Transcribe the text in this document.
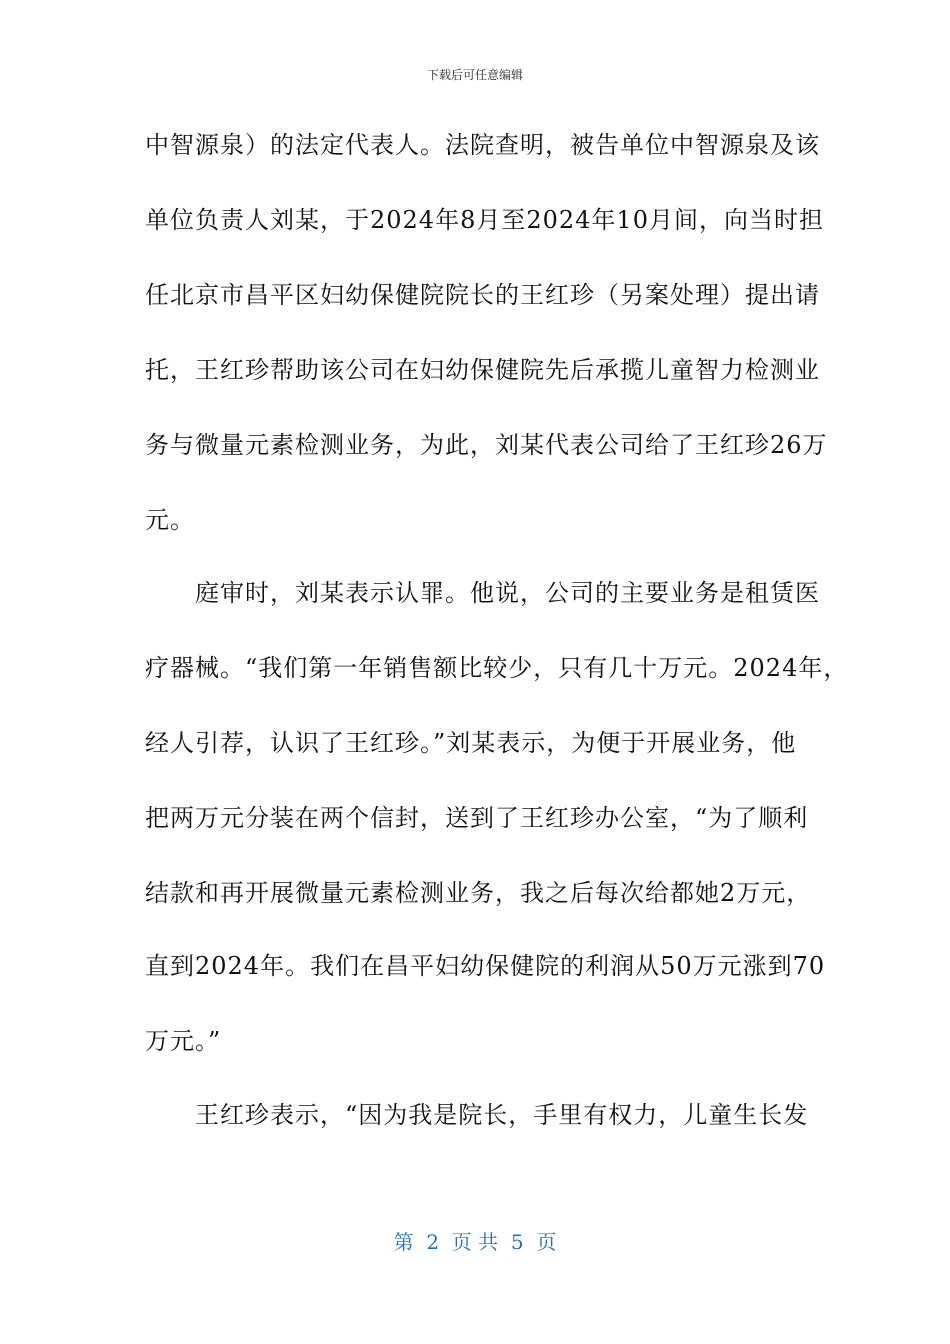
下载后可任意编辑
中智源泉）的法定代表人。法院查明，被告单位中智源泉及该
单位负责人刘某，于2024年8月至2024年10月间，向当时担
任北京市昌平区妇幼保健院院长的王红珍（另案处理）提出请
托，王红珍帮助该公司在妇幼保健院先后承揽儿童智力检测业
务与微量元素检测业务，为此，刘某代表公司给了王红珍26万
元。
　　庭审时，刘某表示认罪。他说，公司的主要业务是租赁医
疗器械。“我们第一年销售额比较少，只有几十万元。2024年，
经人引荐，认识了王红珍。”刘某表示，为便于开展业务，他
把两万元分装在两个信封，送到了王红珍办公室，“为了顺利
结款和再开展微量元素检测业务，我之后每次给都她2万元，
直到2024年。我们在昌平妇幼保健院的利润从50万元涨到70
万元。”
　　王红珍表示，“因为我是院长，手里有权力，儿童生长发
第  2  页 共  5  页
